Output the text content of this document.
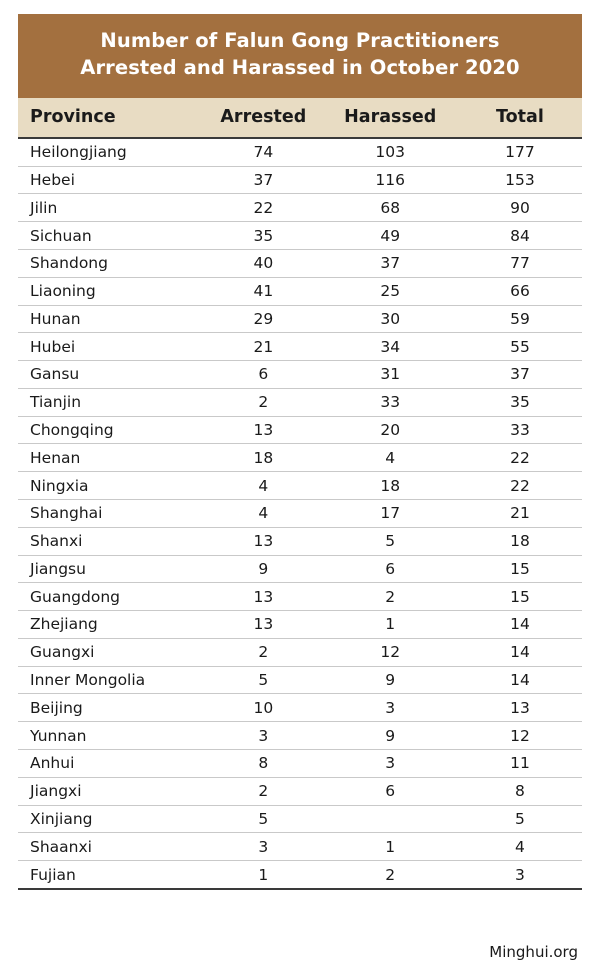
Number of Falun Gong Practitioners
Arrested and Harassed in October 2020
Province	Arrested	Harassed	Total
Heilongjiang	74	103	177
Hebei	37	116	153
Jilin	22	68	90
Sichuan	35	49	84
Shandong	40	37	77
Liaoning	41	25	66
Hunan	29	30	59
Hubei	21	34	55
Gansu	6	31	37
Tianjin	2	33	35
Chongqing	13	20	33
Henan	18	4	22
Ningxia	4	18	22
Shanghai	4	17	21
Shanxi	13	5	18
Jiangsu	9	6	15
Guangdong	13	2	15
Zhejiang	13	1	14
Guangxi	2	12	14
Inner Mongolia	5	9	14
Beijing	10	3	13
Yunnan	3	9	12
Anhui	8	3	11
Jiangxi	2	6	8
Xinjiang	5		5
Shaanxi	3	1	4
Fujian	1	2	3
Minghui.org
